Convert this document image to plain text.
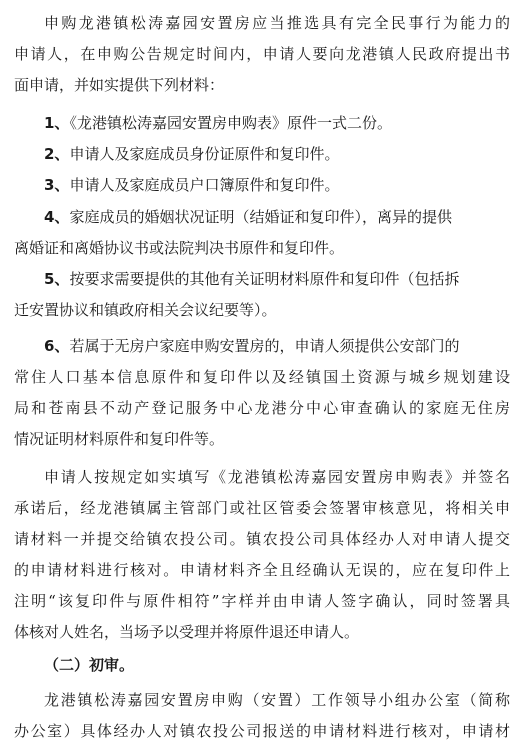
申购龙港镇松涛嘉园安置房应当推选具有完全民事行为能力的
申请人，在申购公告规定时间内，申请人要向龙港镇人民政府提出书
面申请，并如实提供下列材料：
1、《龙港镇松涛嘉园安置房申购表》原件一式二份。
2、申请人及家庭成员身份证原件和复印件。
3、申请人及家庭成员户口簿原件和复印件。
4、家庭成员的婚姻状况证明（结婚证和复印件），离异的提供
离婚证和离婚协议书或法院判决书原件和复印件。
5、按要求需要提供的其他有关证明材料原件和复印件（包括拆
迁安置协议和镇政府相关会议纪要等）。
6、若属于无房户家庭申购安置房的，申请人须提供公安部门的
常住人口基本信息原件和复印件以及经镇国土资源与城乡规划建设
局和苍南县不动产登记服务中心龙港分中心审查确认的家庭无住房
情况证明材料原件和复印件等。
申请人按规定如实填写《龙港镇松涛嘉园安置房申购表》并签名
承诺后，经龙港镇属主管部门或社区管委会签署审核意见，将相关申
请材料一并提交给镇农投公司。镇农投公司具体经办人对申请人提交
的申请材料进行核对。申请材料齐全且经确认无误的，应在复印件上
注明“该复印件与原件相符”字样并由申请人签字确认，同时签署具
体核对人姓名，当场予以受理并将原件退还申请人。
（二）初审。
龙港镇松涛嘉园安置房申购（安置）工作领导小组办公室（简称
办公室）具体经办人对镇农投公司报送的申请材料进行核对，申请材
